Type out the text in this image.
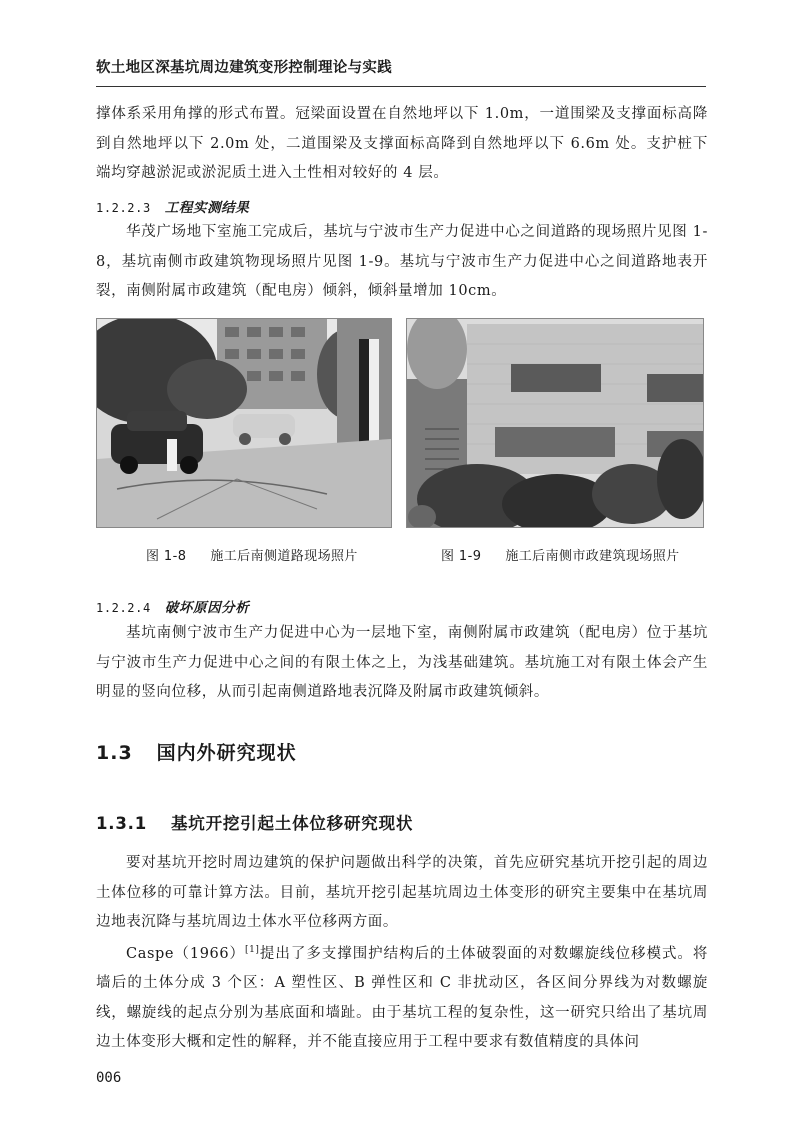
软土地区深基坑周边建筑变形控制理论与实践

撑体系采用角撑的形式布置。冠梁面设置在自然地坪以下 1.0m，一道围梁及支撑面标高降到自然地坪以下 2.0m 处，二道围梁及支撑面标高降到自然地坪以下 6.6m 处。支护桩下端均穿越淤泥或淤泥质土进入土性相对较好的 4 层。

1.2.2.3 工程实测结果

华茂广场地下室施工完成后，基坑与宁波市生产力促进中心之间道路的现场照片见图 1-8，基坑南侧市政建筑物现场照片见图 1-9。基坑与宁波市生产力促进中心之间道路地表开裂，南侧附属市政建筑（配电房）倾斜，倾斜量增加 10cm。

图 1-8 施工后南侧道路现场照片	图 1-9 施工后南侧市政建筑现场照片
1.2.2.4 破坏原因分析

基坑南侧宁波市生产力促进中心为一层地下室，南侧附属市政建筑（配电房）位于基坑与宁波市生产力促进中心之间的有限土体之上，为浅基础建筑。基坑施工对有限土体会产生明显的竖向位移，从而引起南侧道路地表沉降及附属市政建筑倾斜。

1.3 国内外研究现状
1.3.1 基坑开挖引起土体位移研究现状

要对基坑开挖时周边建筑的保护问题做出科学的决策，首先应研究基坑开挖引起的周边土体位移的可靠计算方法。目前，基坑开挖引起基坑周边土体变形的研究主要集中在基坑周边地表沉降与基坑周边土体水平位移两方面。

Caspe（1966）[1]提出了多支撑围护结构后的土体破裂面的对数螺旋线位移模式。将墙后的土体分成 3 个区：A 塑性区、B 弹性区和 C 非扰动区，各区间分界线为对数螺旋线，螺旋线的起点分别为基底面和墙趾。由于基坑工程的复杂性，这一研究只给出了基坑周边土体变形大概和定性的解释，并不能直接应用于工程中要求有数值精度的具体问

006
